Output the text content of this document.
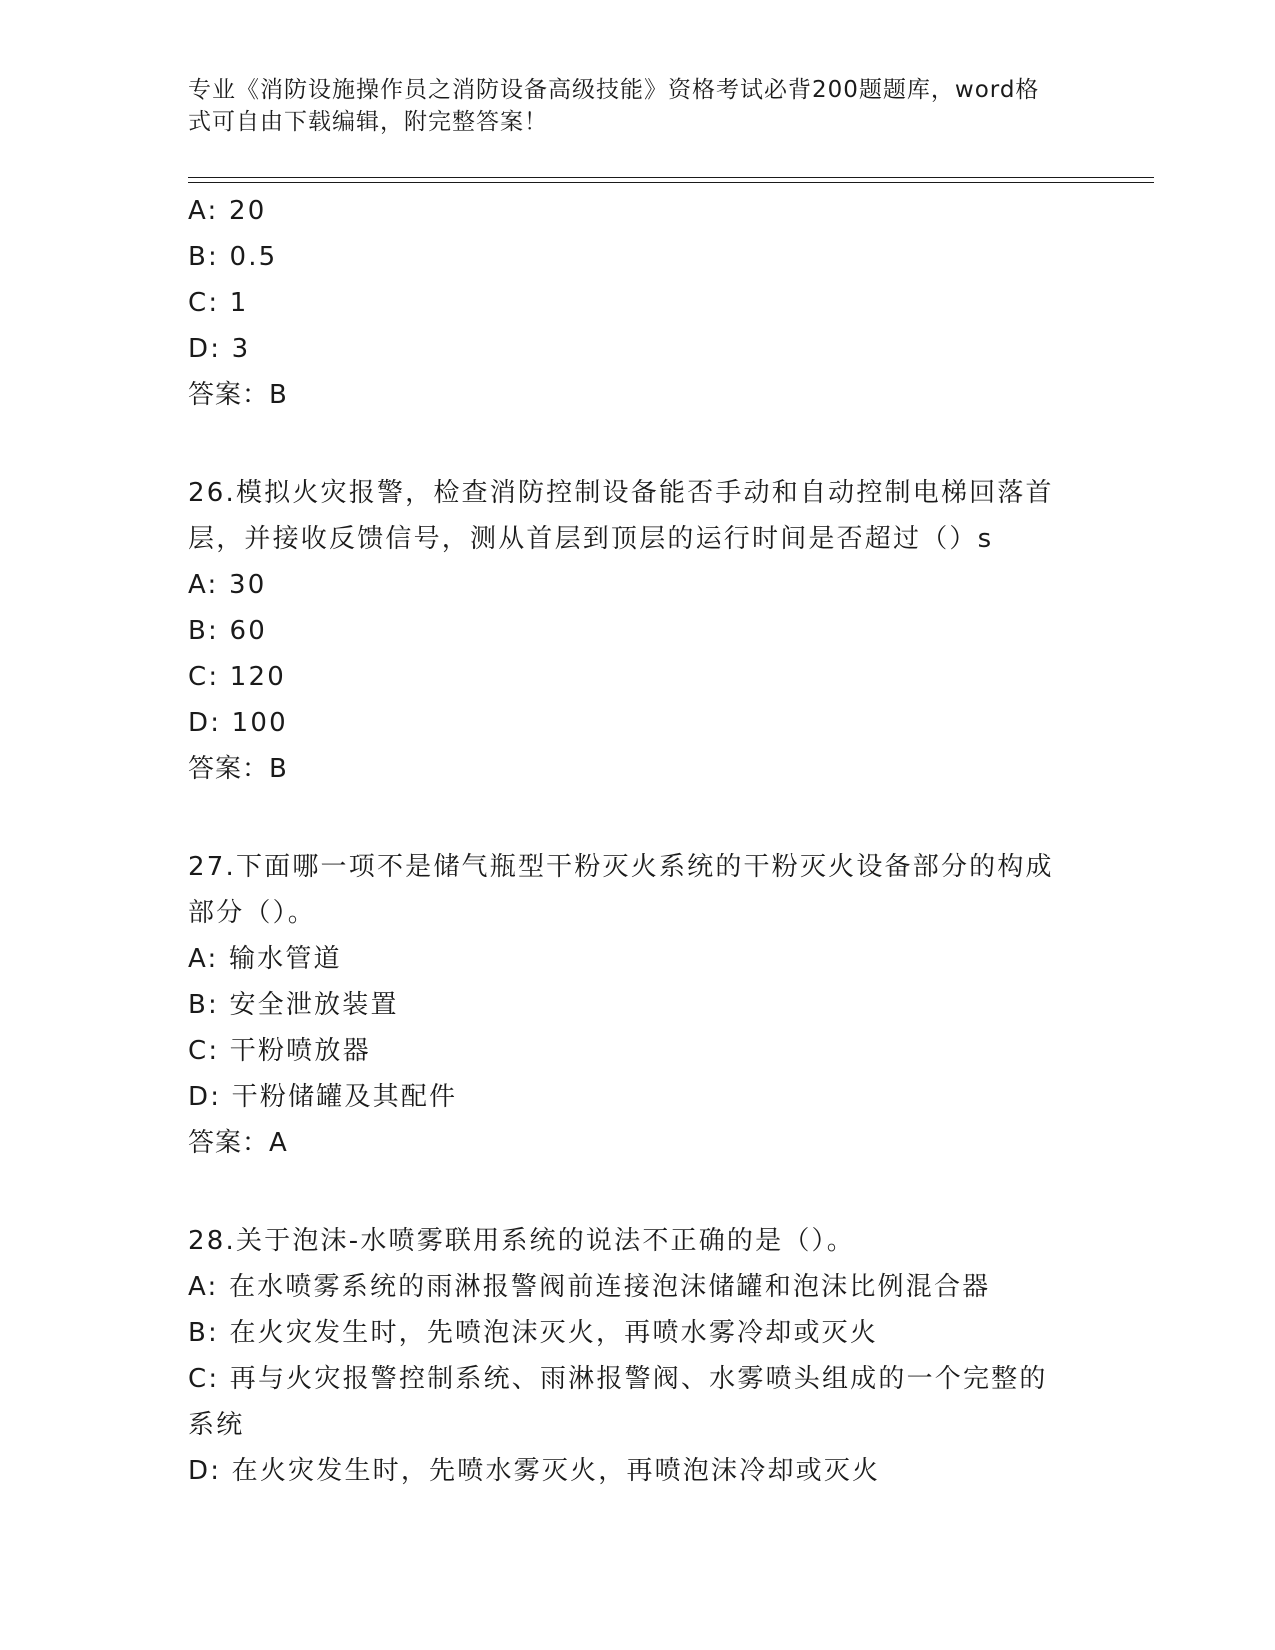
专业《消防设施操作员之消防设备高级技能》资格考试必背200题题库，word格
式可自由下载编辑，附完整答案！
A: 20
B: 0.5
C: 1
D: 3
答案：B
26.模拟火灾报警，检查消防控制设备能否手动和自动控制电梯回落首
层，并接收反馈信号，测从首层到顶层的运行时间是否超过（）s
A: 30
B: 60
C: 120
D: 100
答案：B
27.下面哪一项不是储气瓶型干粉灭火系统的干粉灭火设备部分的构成
部分（）。
A: 输水管道
B: 安全泄放装置
C: 干粉喷放器
D: 干粉储罐及其配件
答案：A
28.关于泡沫-水喷雾联用系统的说法不正确的是（）。
A: 在水喷雾系统的雨淋报警阀前连接泡沫储罐和泡沫比例混合器
B: 在火灾发生时，先喷泡沫灭火，再喷水雾冷却或灭火
C: 再与火灾报警控制系统、雨淋报警阀、水雾喷头组成的一个完整的
系统
D: 在火灾发生时，先喷水雾灭火，再喷泡沫冷却或灭火
